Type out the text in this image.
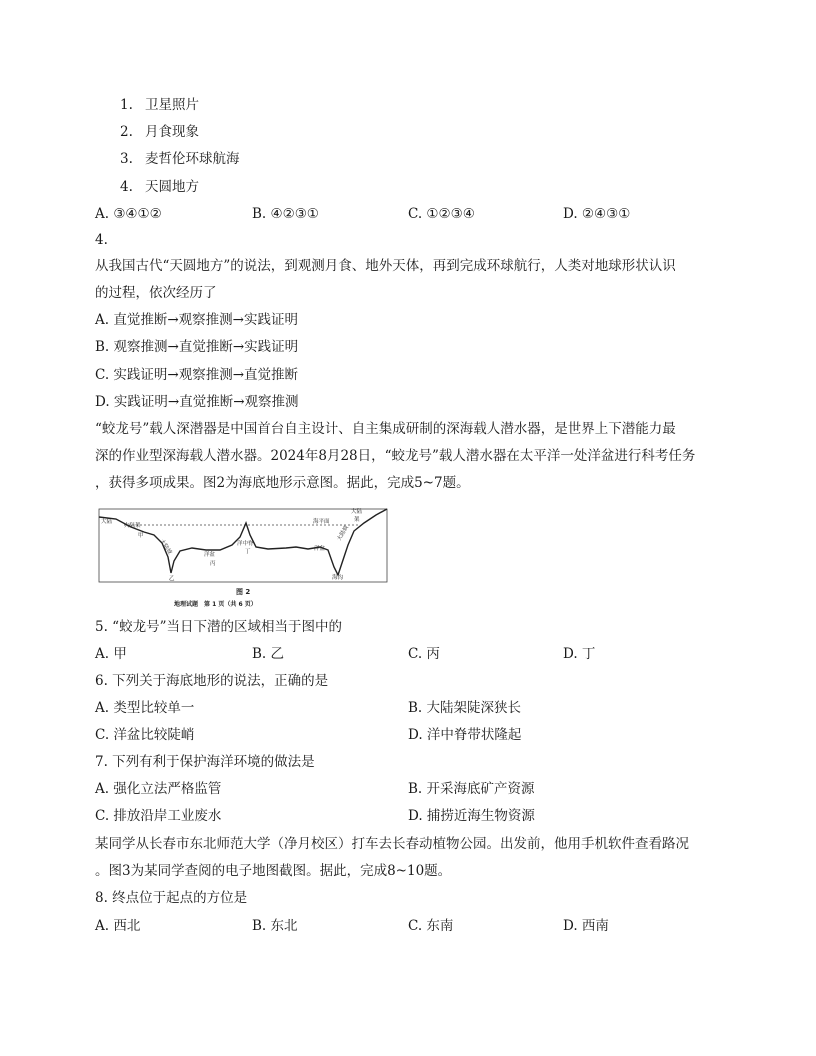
1. 卫星照片
2. 月食现象
3. 麦哲伦环球航海
4. 天圆地方
A. ③④①②	B. ④②③①	C. ①②③④	D. ②④③①
4.
从我国古代“天圆地方”的说法，到观测月食、地外天体，再到完成环球航行，人类对地球形状认识
的过程，依次经历了
A. 直觉推断→观察推测→实践证明
B. 观察推测→直觉推断→实践证明
C. 实践证明→观察推测→直觉推断
D. 实践证明→直觉推断→观察推测
“蛟龙号”载人深潜器是中国首台自主设计、自主集成研制的深海载人潜水器，是世界上下潜能力最
深的作业型深海载人潜水器。2024年8月28日，“蛟龙号”载人潜水器在太平洋一处洋盆进行科考任务
，获得多项成果。图2为海底地形示意图。据此，完成5~7题。
大陆
大陆架
甲
大陆坡
乙
洋盆
丙
洋中脊
丁
海平面
大陆
架
洋盆
大陆坡
海沟
图 2
地理试题　第 1 页（共 6 页）
5. “蛟龙号”当日下潜的区域相当于图中的
A. 甲	B. 乙	C. 丙	D. 丁
6. 下列关于海底地形的说法，正确的是
A. 类型比较单一	B. 大陆架陡深狭长
C. 洋盆比较陡峭	D. 洋中脊带状隆起
7. 下列有利于保护海洋环境的做法是
A. 强化立法严格监管	B. 开采海底矿产资源
C. 排放沿岸工业废水	D. 捕捞近海生物资源
某同学从长春市东北师范大学（净月校区）打车去长春动植物公园。出发前，他用手机软件查看路况
。图3为某同学查阅的电子地图截图。据此，完成8~10题。
8. 终点位于起点的方位是
A. 西北	B. 东北	C. 东南	D. 西南
